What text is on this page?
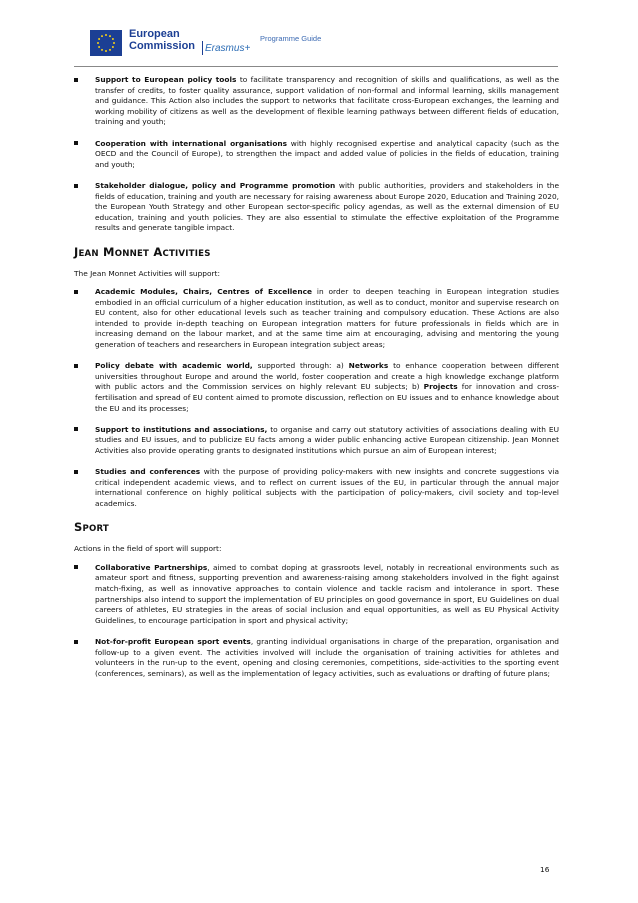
European
Commission Erasmus+
Programme Guide
Support to European policy tools to facilitate transparency and recognition of skills and qualifications, as well as the transfer of credits, to foster quality assurance, support validation of non-formal and informal learning, skills management and guidance. This Action also includes the support to networks that facilitate cross-European exchanges, the learning and working mobility of citizens as well as the development of flexible learning pathways between different fields of education, training and youth;
Cooperation with international organisations with highly recognised expertise and analytical capacity (such as the OECD and the Council of Europe), to strengthen the impact and added value of policies in the fields of education, training and youth;
Stakeholder dialogue, policy and Programme promotion with public authorities, providers and stakeholders in the fields of education, training and youth are necessary for raising awareness about Europe 2020, Education and Training 2020, the European Youth Strategy and other European sector-specific policy agendas, as well as the external dimension of EU education, training and youth policies. They are also essential to stimulate the effective exploitation of the Programme results and generate tangible impact.
JEAN MONNET ACTIVITIES

The Jean Monnet Activities will support:

Academic Modules, Chairs, Centres of Excellence in order to deepen teaching in European integration studies embodied in an official curriculum of a higher education institution, as well as to conduct, monitor and supervise research on EU content, also for other educational levels such as teacher training and compulsory education. These Actions are also intended to provide in-depth teaching on European integration matters for future professionals in fields which are in increasing demand on the labour market, and at the same time aim at encouraging, advising and mentoring the young generation of teachers and researchers in European integration subject areas;
Policy debate with academic world, supported through: a) Networks to enhance cooperation between different universities throughout Europe and around the world, foster cooperation and create a high knowledge exchange platform with public actors and the Commission services on highly relevant EU subjects; b) Projects for innovation and cross-fertilisation and spread of EU content aimed to promote discussion, reflection on EU issues and to enhance knowledge about the EU and its processes;
Support to institutions and associations, to organise and carry out statutory activities of associations dealing with EU studies and EU issues, and to publicize EU facts among a wider public enhancing active European citizenship. Jean Monnet Activities also provide operating grants to designated institutions which pursue an aim of European interest;
Studies and conferences with the purpose of providing policy-makers with new insights and concrete suggestions via critical independent academic views, and to reflect on current issues of the EU, in particular through the annual major international conference on highly political subjects with the participation of policy-makers, civil society and top-level academics.
SPORT

Actions in the field of sport will support:

Collaborative Partnerships, aimed to combat doping at grassroots level, notably in recreational environments such as amateur sport and fitness, supporting prevention and awareness-raising among stakeholders involved in the fight against match-fixing, as well as innovative approaches to contain violence and tackle racism and intolerance in sport. These partnerships also intend to support the implementation of EU principles on good governance in sport, EU Guidelines on dual careers of athletes, EU strategies in the areas of social inclusion and equal opportunities, as well as EU Physical Activity Guidelines, to encourage participation in sport and physical activity;
Not-for-profit European sport events, granting individual organisations in charge of the preparation, organisation and follow-up to a given event. The activities involved will include the organisation of training activities for athletes and volunteers in the run-up to the event, opening and closing ceremonies, competitions, side-activities to the sporting event (conferences, seminars), as well as the implementation of legacy activities, such as evaluations or drafting of future plans;
16
